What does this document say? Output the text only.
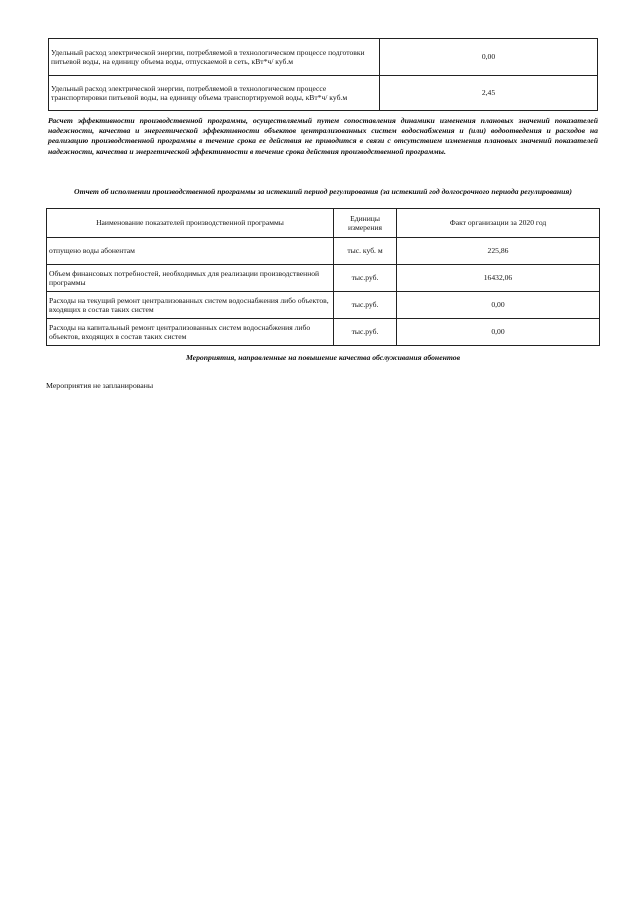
Удельный расход электрической энергии, потребляемой в технологическом процессе подготовки питьевой воды, на единицу объема воды, отпускаемой в сеть, кВт*ч/ куб.м	0,00
Удельный расход электрической энергии, потребляемой в технологическом процессе транспортировки питьевой воды, на единицу объема транспортируемой воды, кВт*ч/ куб.м	2,45
Расчет эффективности производственной программы, осуществляемый путем сопоставления динамики изменения плановых значений показателей надежности, качества и энергетической эффективности объектов централизованных систем водоснабжения и (или) водоотведения и расходов на реализацию производственной программы в течение срока ее действия не приводится в связи с отсутствием изменения плановых значений показателей надежности, качества и энергетической эффективности в течение срока действия производственной программы.
Отчет об исполнении производственной программы за истекший период регулирования (за истекший год долгосрочного периода регулирования)
Наименование показателей производственной программы	Единицы измерения	Факт организации за 2020 год
отпущено воды абонентам	тыс. куб. м	225,86
Объем финансовых потребностей, необходимых для реализации производственной программы	тыс.руб.	16432,06
Расходы на текущий ремонт централизованных систем водоснабжения либо объектов, входящих в состав таких систем	тыс.руб.	0,00
Расходы на капитальный ремонт централизованных систем водоснабжения либо объектов, входящих в состав таких систем	тыс.руб.	0,00
Мероприятия, направленные на повышение качества обслуживания абонентов
Мероприятия не запланированы
